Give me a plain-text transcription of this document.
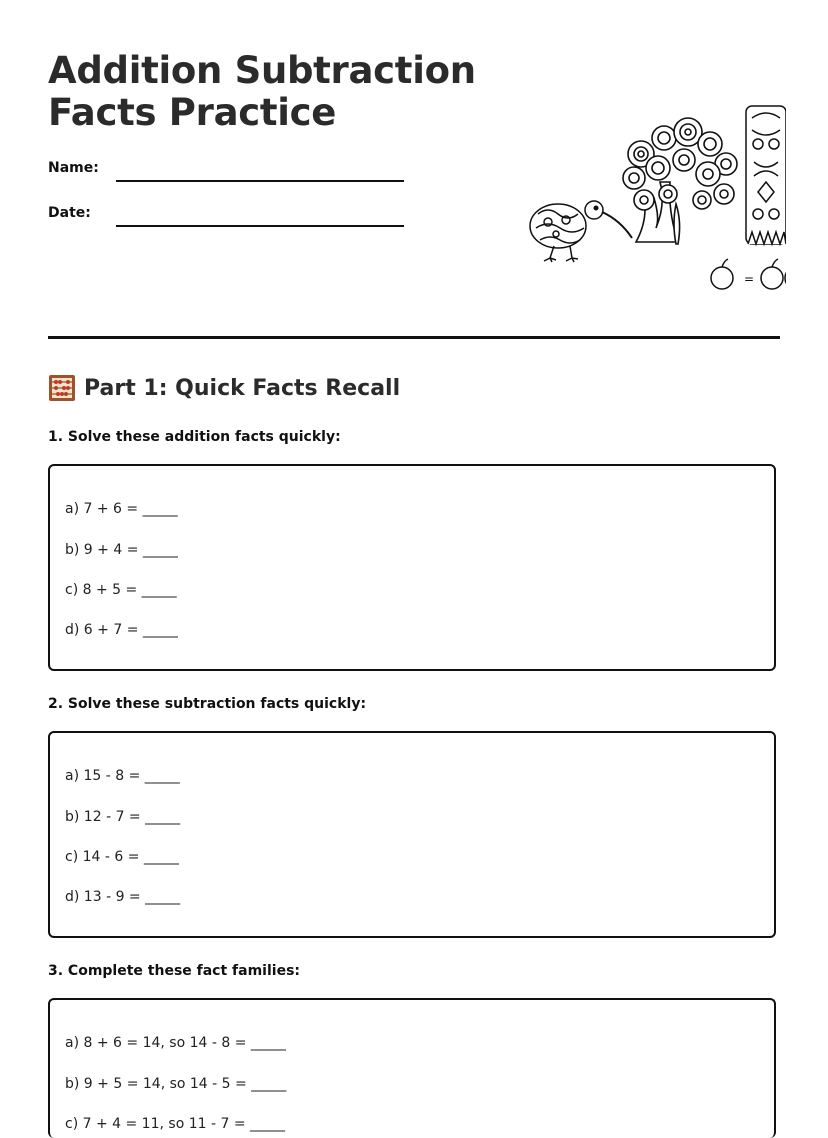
Addition Subtraction
Facts Practice
Name:
Date:
=
Part 1: Quick Facts Recall
1. Solve these addition facts quickly:
a) 7 + 6 = _____
b) 9 + 4 = _____
c) 8 + 5 = _____
d) 6 + 7 = _____
2. Solve these subtraction facts quickly:
a) 15 - 8 = _____
b) 12 - 7 = _____
c) 14 - 6 = _____
d) 13 - 9 = _____
3. Complete these fact families:
a) 8 + 6 = 14, so 14 - 8 = _____
b) 9 + 5 = 14, so 14 - 5 = _____
c) 7 + 4 = 11, so 11 - 7 = _____
